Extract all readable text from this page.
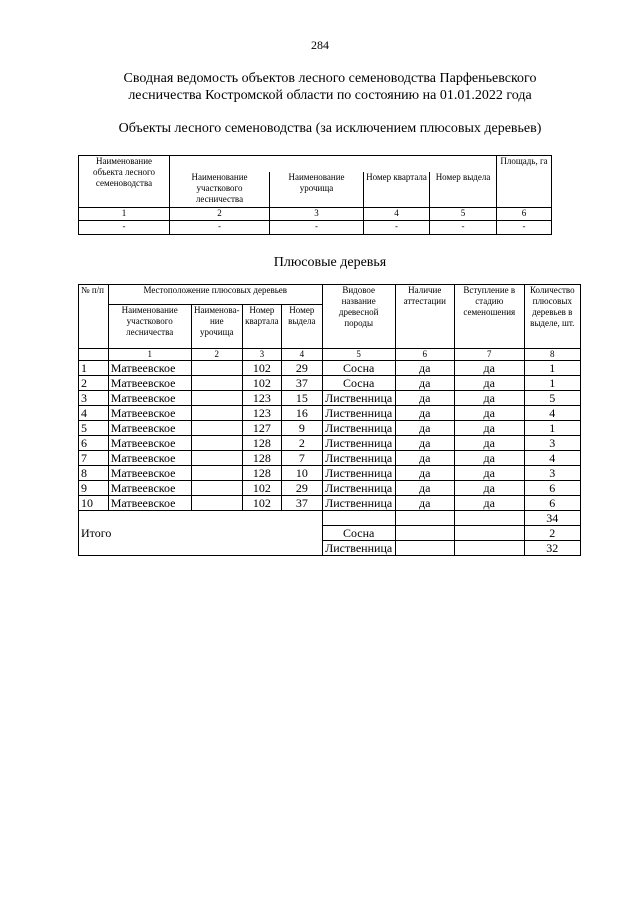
284
Сводная ведомость объектов лесного семеноводства Парфеньевского
лесничества Костромской области по состоянию на 01.01.2022 года
Объекты лесного семеноводства (за исключением плюсовых деревьев)
Наименование объекта лесного семеноводства					Площадь, га
	Наименование участкового лесничества	Наименование урочища	Номер квартала	Номер выдела	
1	2	3	4	5	6
-	-	-	-	-	-
Плюсовые деревья
№ п/п	Местоположение плюсовых деревьев				Видовое название древесной породы	Наличие аттестации	Вступление в стадию семеношения	Количество плюсовых деревьев в выделе, шт.
	Наименование участкового лесничества	Наименова-ние урочища	Номер квартала	Номер выдела				
	1	2	3	4	5	6	7	8
1	Матвеевское		102	29	Сосна	да	да	1
2	Матвеевское		102	37	Сосна	да	да	1
3	Матвеевское		123	15	Лиственница	да	да	5
4	Матвеевское		123	16	Лиственница	да	да	4
5	Матвеевское		127	9	Лиственница	да	да	1
6	Матвеевское		128	2	Лиственница	да	да	3
7	Матвеевское		128	7	Лиственница	да	да	4
8	Матвеевское		128	10	Лиственница	да	да	3
9	Матвеевское		102	29	Лиственница	да	да	6
10	Матвеевское		102	37	Лиственница	да	да	6
Итого								34
					Сосна			2
					Лиственница			32
